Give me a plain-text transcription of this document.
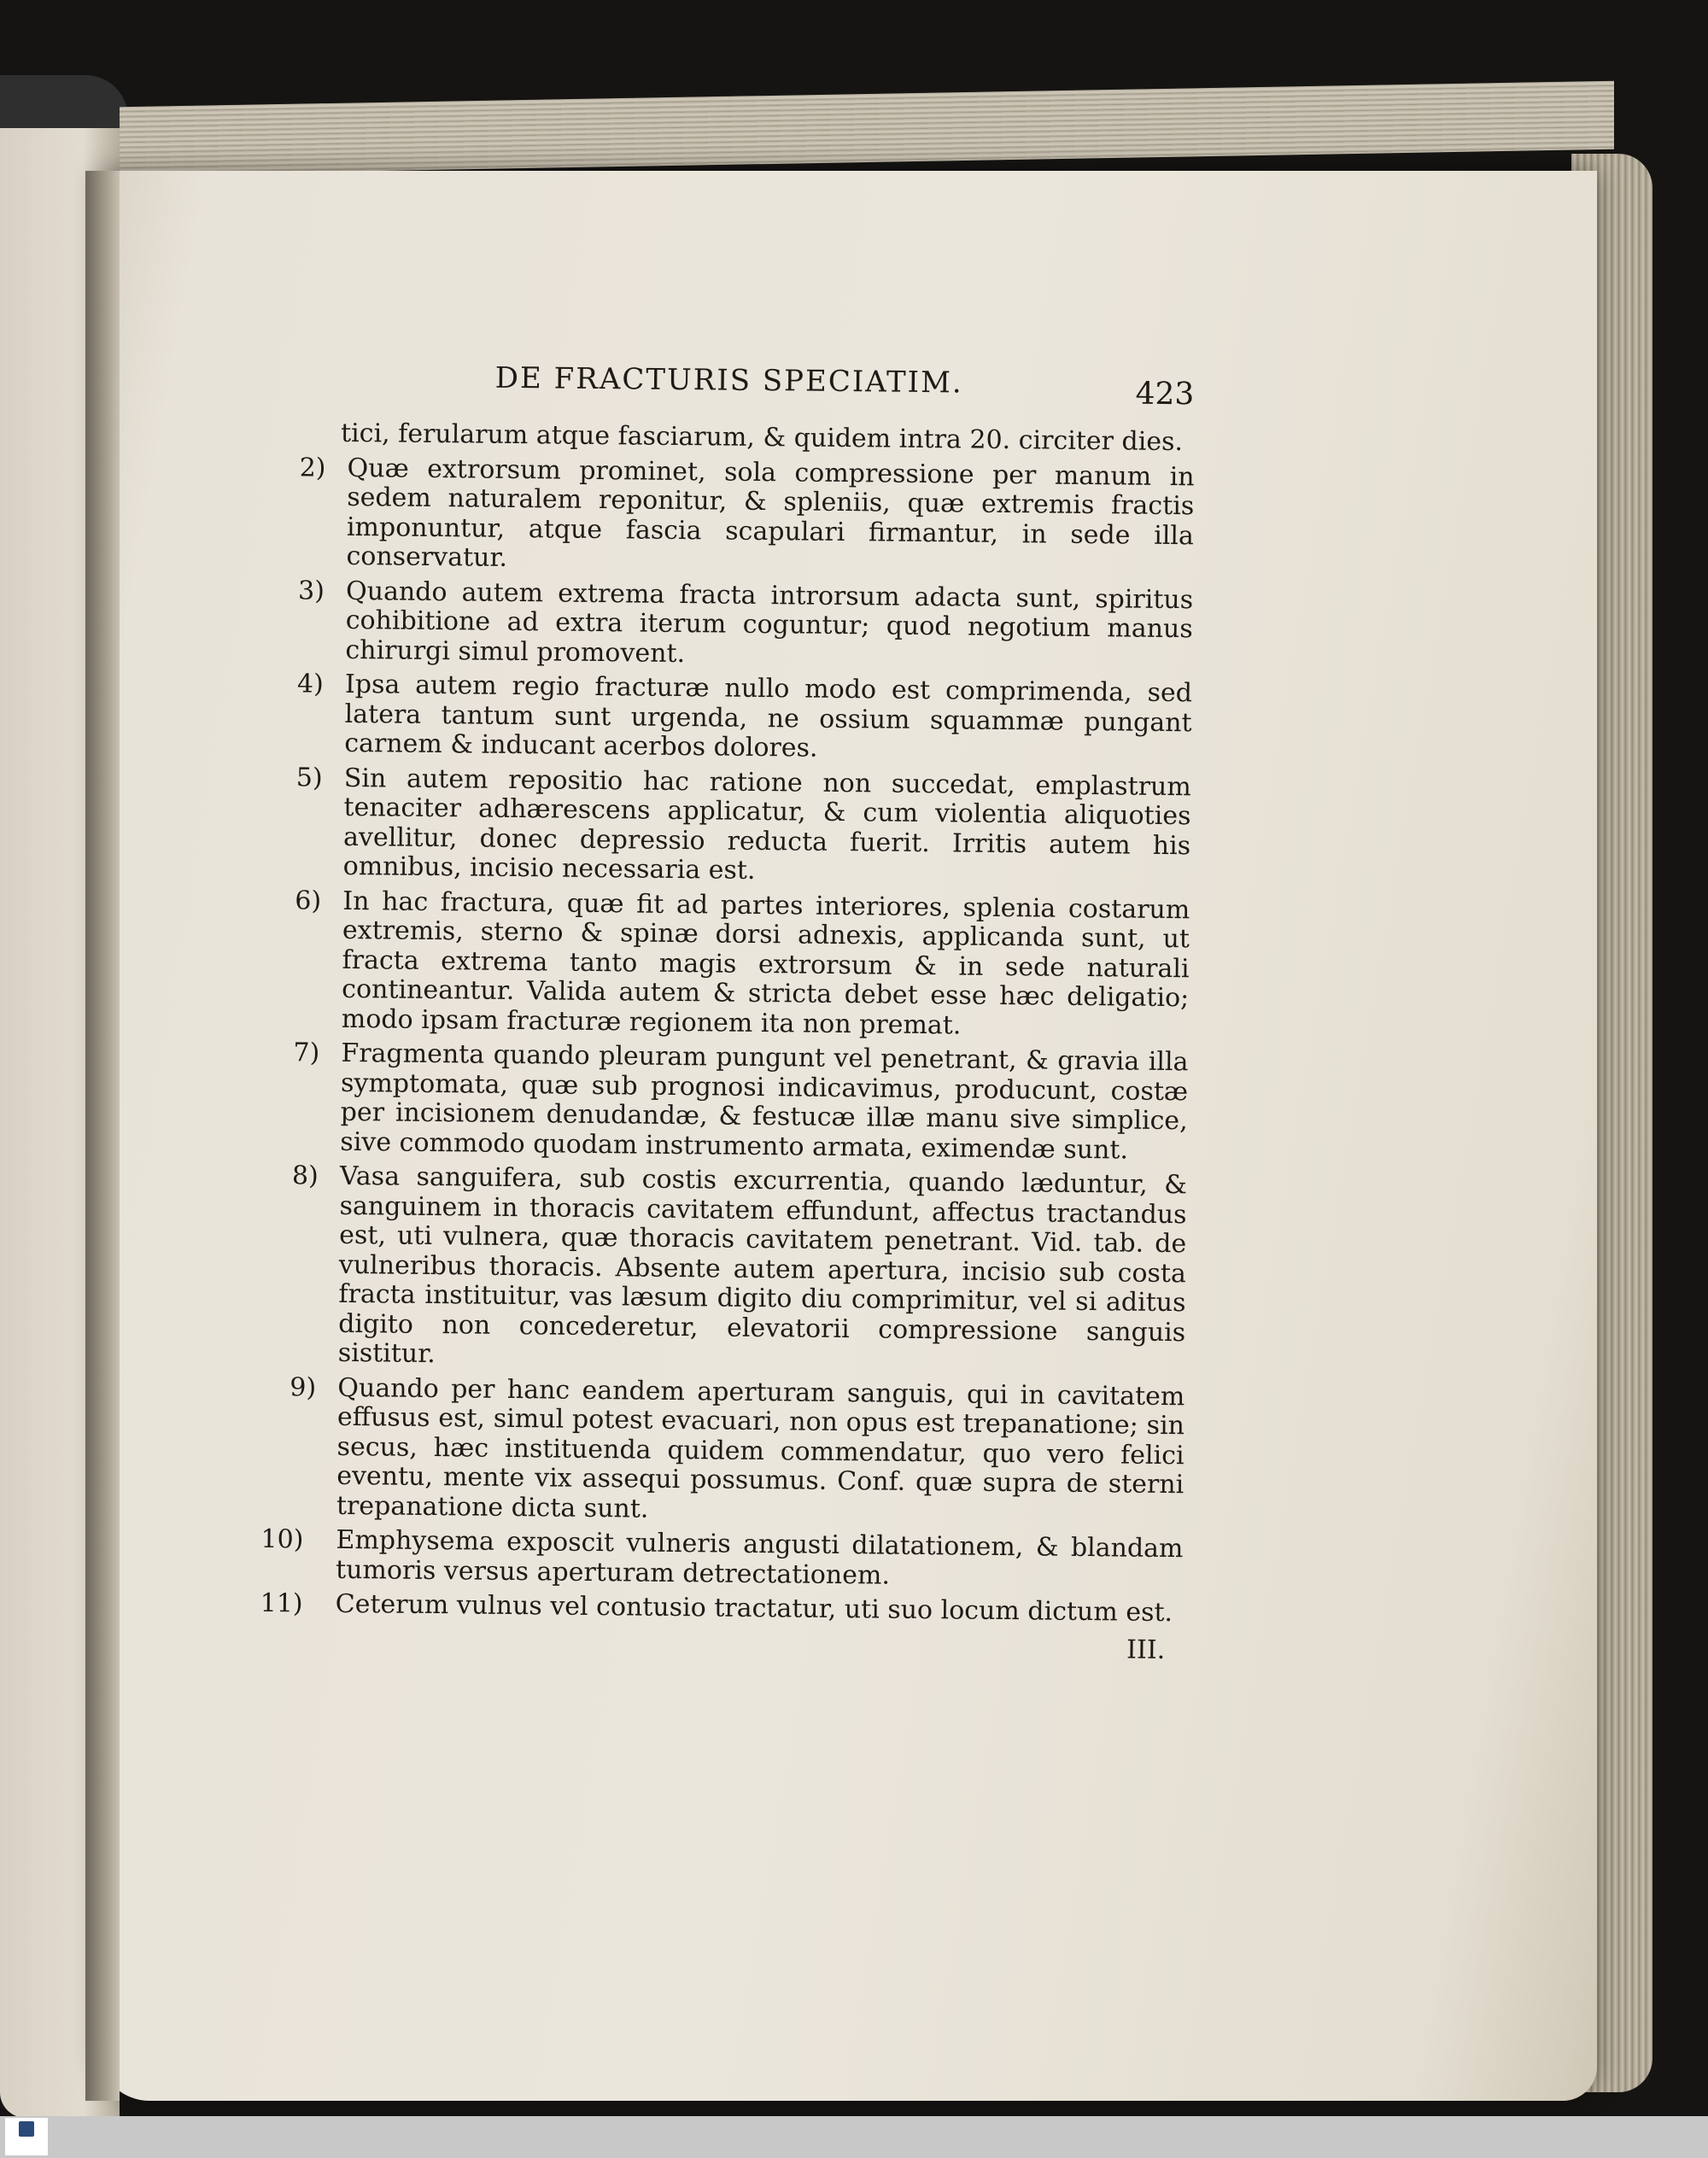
DE FRACTURIS SPECIATIM.	423

tici, ferularum atque fasciarum, & quidem intra 20. circiter dies.

2) Quæ extrorsum prominet, sola compressione per manum in sedem naturalem reponitur, & spleniis, quæ extremis fractis imponuntur, atque fascia scapulari firmantur, in sede illa conservatur.
3) Quando autem extrema fracta introrsum adacta sunt, spiritus cohibitione ad extra iterum coguntur; quod negotium manus chirurgi simul promovent.
4) Ipsa autem regio fracturæ nullo modo est comprimenda, sed latera tantum sunt urgenda, ne ossium squammæ pungant carnem & inducant acerbos dolores.
5) Sin autem repositio hac ratione non succedat, emplastrum tenaciter adhærescens applicatur, & cum violentia aliquoties avellitur, donec depressio reducta fuerit. Irritis autem his omnibus, incisio necessaria est.
6) In hac fractura, quæ fit ad partes interiores, splenia costarum extremis, sterno & spinæ dorsi adnexis, applicanda sunt, ut fracta extrema tanto magis extrorsum & in sede naturali contineantur. Valida autem & stricta debet esse hæc deligatio; modo ipsam fracturæ regionem ita non premat.
7) Fragmenta quando pleuram pungunt vel penetrant, & gravia illa symptomata, quæ sub prognosi indicavimus, producunt, costæ per incisionem denudandæ, & festucæ illæ manu sive simplice, sive commodo quodam instrumento armata, eximendæ sunt.
8) Vasa sanguifera, sub costis excurrentia, quando læduntur, & sanguinem in thoracis cavitatem effundunt, affectus tractandus est, uti vulnera, quæ thoracis cavitatem penetrant. Vid. tab. de vulneribus thoracis. Absente autem apertura, incisio sub costa fracta instituitur, vas læsum digito diu comprimitur, vel si aditus digito non concederetur, elevatorii compressione sanguis sistitur.
9) Quando per hanc eandem aperturam sanguis, qui in cavitatem effusus est, simul potest evacuari, non opus est trepanatione; sin secus, hæc instituenda quidem commendatur, quo vero felici eventu, mente vix assequi possumus. Conf. quæ supra de sterni trepanatione dicta sunt.
10) Emphysema exposcit vulneris angusti dilatationem, & blandam tumoris versus aperturam detrectationem.
11) Ceterum vulnus vel contusio tractatur, uti suo locum dictum est.
III.
